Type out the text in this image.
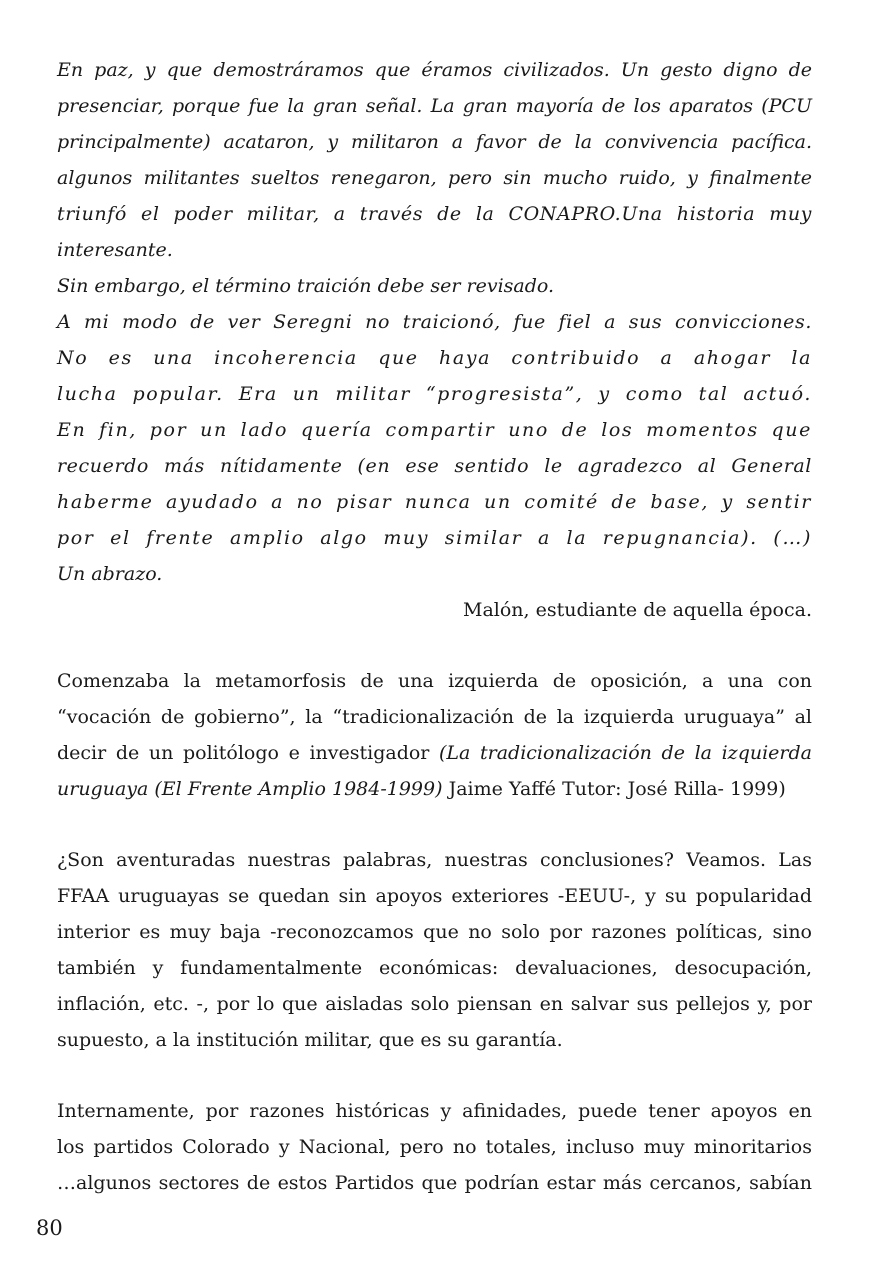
En paz, y que demostráramos que éramos civilizados. Un gesto digno de
presenciar, porque fue la gran señal. La gran mayoría de los aparatos (PCU
principalmente) acataron, y militaron a favor de la convivencia pacífica.
algunos militantes sueltos renegaron, pero sin mucho ruido, y finalmente
triunfó el poder militar, a través de la CONAPRO.Una historia muy
interesante.
Sin embargo, el término traición debe ser revisado.
A mi modo de ver Seregni no traicionó, fue fiel a sus convicciones.
No es una incoherencia que haya contribuido a ahogar la
lucha popular. Era un militar “progresista”, y como tal actuó.
En fin, por un lado quería compartir uno de los momentos que
recuerdo más nítidamente (en ese sentido le agradezco al General
haberme ayudado a no pisar nunca un comité de base, y sentir
por el frente amplio algo muy similar a la repugnancia). (…)
Un abrazo.
Malón, estudiante de aquella época.
Comenzaba la metamorfosis de una izquierda de oposición, a una con
“vocación de gobierno”, la “tradicionalización de la izquierda uruguaya” al
decir de un politólogo e investigador (La tradicionalización de la izquierda
uruguaya (El Frente Amplio 1984-1999) Jaime Yaffé Tutor: José Rilla- 1999)
¿Son aventuradas nuestras palabras, nuestras conclusiones? Veamos. Las
FFAA uruguayas se quedan sin apoyos exteriores -EEUU-, y su popularidad
interior es muy baja -reconozcamos que no solo por razones políticas, sino
también y fundamentalmente económicas: devaluaciones, desocupación,
inflación, etc. -, por lo que aisladas solo piensan en salvar sus pellejos y, por
supuesto, a la institución militar, que es su garantía.
Internamente, por razones históricas y afinidades, puede tener apoyos en
los partidos Colorado y Nacional, pero no totales, incluso muy minoritarios
…algunos sectores de estos Partidos que podrían estar más cercanos, sabían
80
